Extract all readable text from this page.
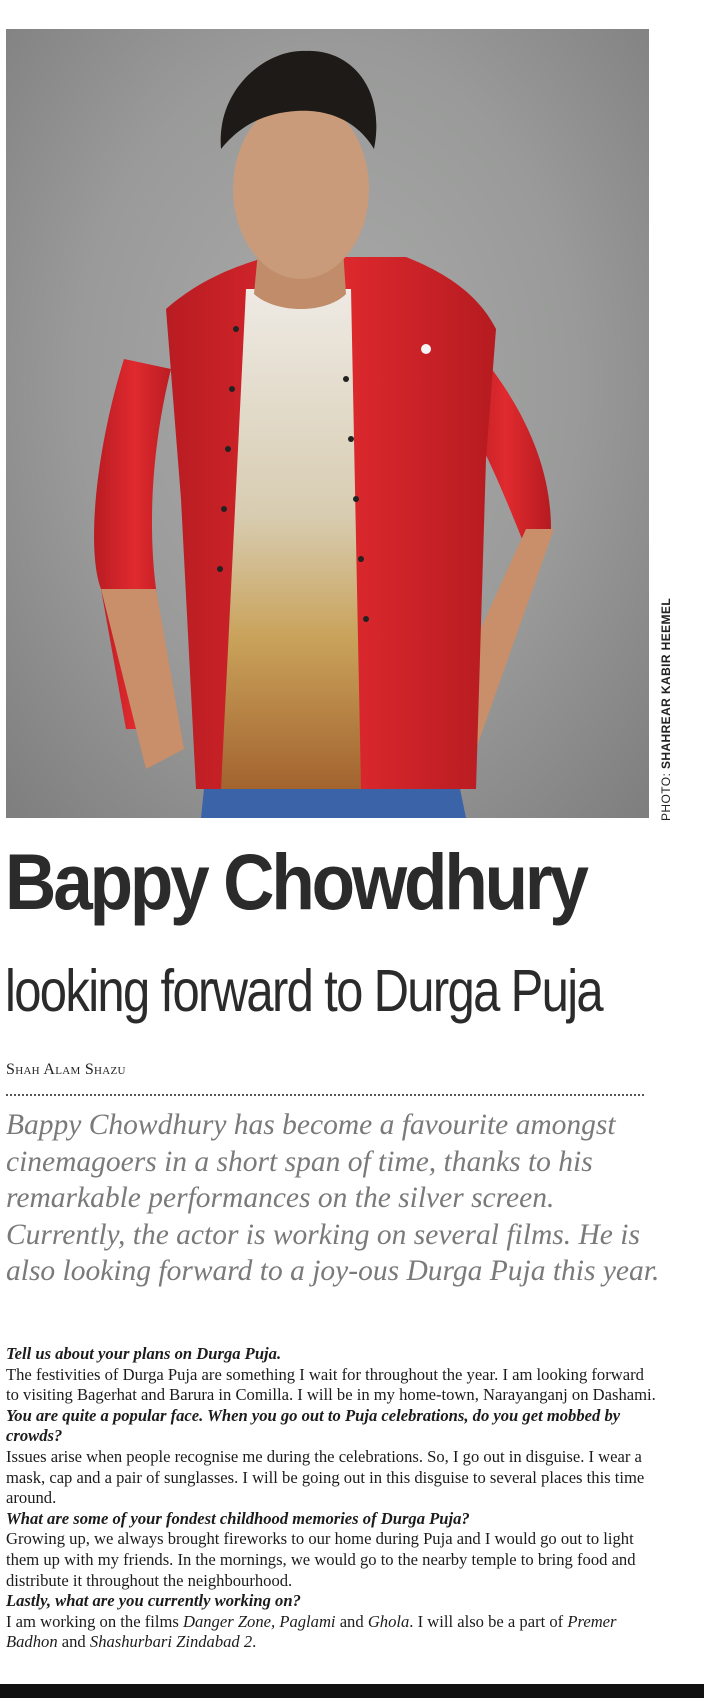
PHOTO:

SHAHREAR KABIR HEEMEL
Bappy Chowdhury
looking forward to Durga Puja
Shah Alam Shazu

Bappy Chowdhury has become a favourite amongst cinemagoers in a short span of time, thanks to his remarkable performances on the silver screen. Currently, the actor is working on several films. He is also looking forward to a joy-ous Durga Puja this year.

Tell us about your plans on Durga Puja.

The festivities of Durga Puja are something I wait for throughout the year. I am looking forward to visiting Bagerhat and Barura in Comilla. I will be in my home-town, Narayanganj on Dashami.

You are quite a popular face. When you go out to Puja celebrations, do you get mobbed by crowds?

Issues arise when people recognise me during the celebrations. So, I go out in disguise. I wear a mask, cap and a pair of sunglasses. I will be going out in this disguise to several places this time around.

What are some of your fondest childhood memories of Durga Puja?

Growing up, we always brought fireworks to our home during Puja and I would go out to light them up with my friends. In the mornings, we would go to the nearby temple to bring food and distribute it throughout the neighbourhood.

Lastly, what are you currently working on?

I am working on the films Danger Zone, Paglami and Ghola. I will also be a part of Premer Badhon and Shashurbari Zindabad 2.
